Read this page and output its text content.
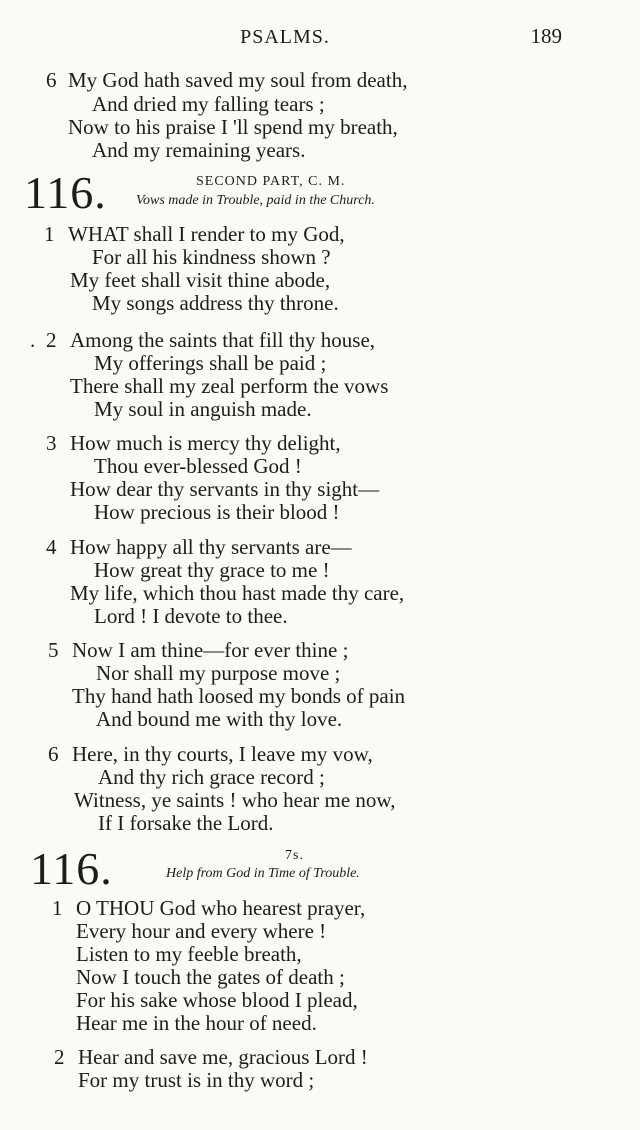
PSALMS.	189
6 My God hath saved my soul from death,
And dried my falling tears ;
Now to his praise I 'll spend my breath,
And my remaining years.
116.	SECOND PART, C. M.
Vows made in Trouble, paid in the Church.
1 WHAT shall I render to my God,
For all his kindness shown ?
My feet shall visit thine abode,
My songs address thy throne.
. 2 Among the saints that fill thy house,
My offerings shall be paid ;
There shall my zeal perform the vows
My soul in anguish made.
3 How much is mercy thy delight,
Thou ever-blessed God !
How dear thy servants in thy sight—
How precious is their blood !
4 How happy all thy servants are—
How great thy grace to me !
My life, which thou hast made thy care,
Lord ! I devote to thee.
5 Now I am thine—for ever thine ;
Nor shall my purpose move ;
Thy hand hath loosed my bonds of pain
And bound me with thy love.
6 Here, in thy courts, I leave my vow,
And thy rich grace record ;
Witness, ye saints ! who hear me now,
If I forsake the Lord.
116.	7s.
Help from God in Time of Trouble.
1 O THOU God who hearest prayer,
Every hour and every where !
Listen to my feeble breath,
Now I touch the gates of death ;
For his sake whose blood I plead,
Hear me in the hour of need.
2 Hear and save me, gracious Lord !
For my trust is in thy word ;
